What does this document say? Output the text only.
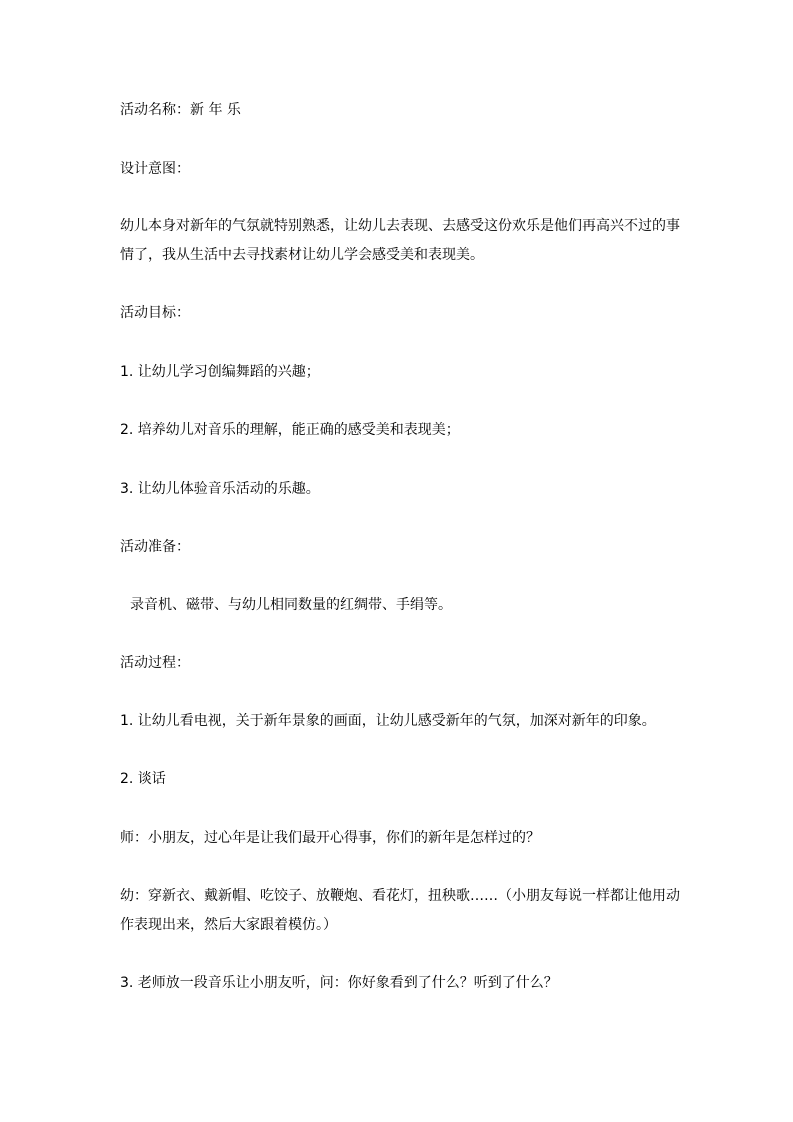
活动名称：新 年 乐
设计意图：
幼儿本身对新年的气氛就特别熟悉，让幼儿去表现、去感受这份欢乐是他们再高兴不过的事
情了，我从生活中去寻找素材让幼儿学会感受美和表现美。
活动目标：
1. 让幼儿学习创编舞蹈的兴趣；
2. 培养幼儿对音乐的理解，能正确的感受美和表现美；
3. 让幼儿体验音乐活动的乐趣。
活动准备：
录音机、磁带、与幼儿相同数量的红绸带、手绢等。
活动过程：
1. 让幼儿看电视，关于新年景象的画面，让幼儿感受新年的气氛，加深对新年的印象。
2. 谈话
师：小朋友，过心年是让我们最开心得事，你们的新年是怎样过的？
幼：穿新衣、戴新帽、吃饺子、放鞭炮、看花灯，扭秧歌……（小朋友每说一样都让他用动
作表现出来，然后大家跟着模仿。）
3. 老师放一段音乐让小朋友听，问：你好象看到了什么？听到了什么？
